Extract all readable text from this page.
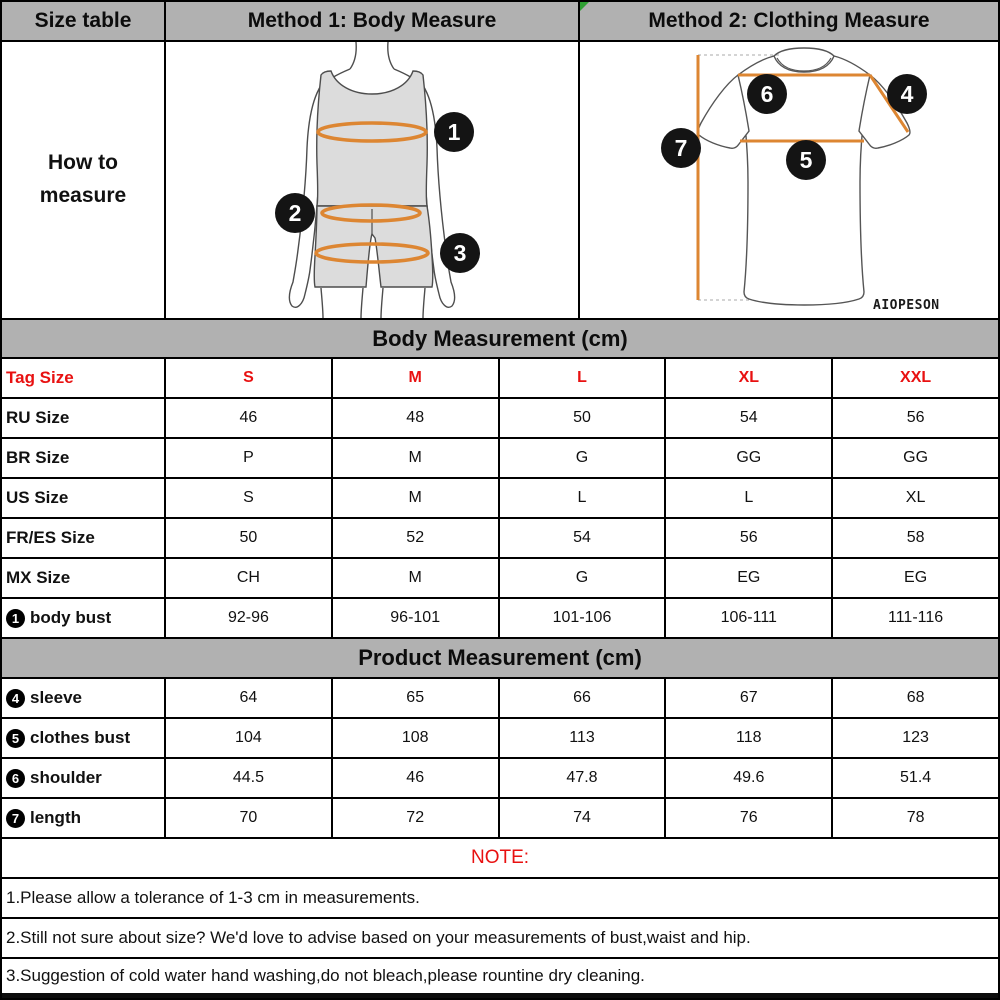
Size table	Method 1: Body Measure	Method 2: Clothing Measure
How to measure
1
2
3
6	4
7	5
AIOPESON
Body Measurement (cm)
Tag Size	S	M	L	XL	XXL
RU Size	46	48	50	54	56
BR Size	P	M	G	GG	GG
US Size	S	M	L	L	XL
FR/ES Size	50	52	54	56	58
MX Size	CH	M	G	EG	EG
1 body bust	92-96	96-101	101-106	106-111	111-116
Product Measurement (cm)
4 sleeve	64	65	66	67	68
5 clothes bust	104	108	113	118	123
6 shoulder	44.5	46	47.8	49.6	51.4
7 length	70	72	74	76	78
NOTE:
1.Please allow a tolerance of 1-3 cm in measurements.
2.Still not sure about size? We'd love to advise based on your measurements of bust,waist and hip.
3.Suggestion of cold water hand washing,do not bleach,please rountine dry cleaning.
